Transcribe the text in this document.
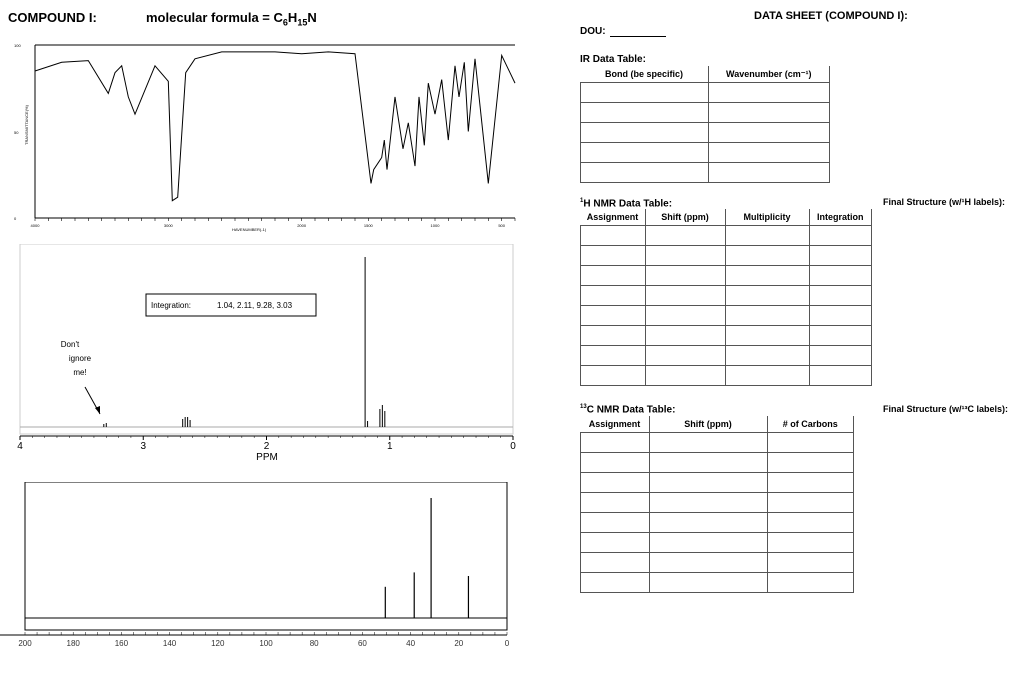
COMPOUND I:	molecular formula = $C_6H_{15}N$
100
50
0
TRANSMITTANCE(%)
HAVENUMBER(-1)
4000	3000	2000	1500	1000	500
Integration:	1.04, 2.11, 9.28, 3.03
Don't
ignore
me!
4	3	2	1	0
PPM
200	180	160	140	120	100	80	60	40	20	0
DATA SHEET (COMPOUND I):
DOU:
IR Data Table:
Bond (be specific)	Wavenumber (cm⁻¹)

$^1$H NMR Data Table:
Assignment	Shift (ppm)	Multiplicity	Integration

$^{13}$C NMR Data Table:
Assignment	Shift (ppm)	# of Carbons

Final Structure (w/¹H labels):
Final Structure (w/¹³C labels):
